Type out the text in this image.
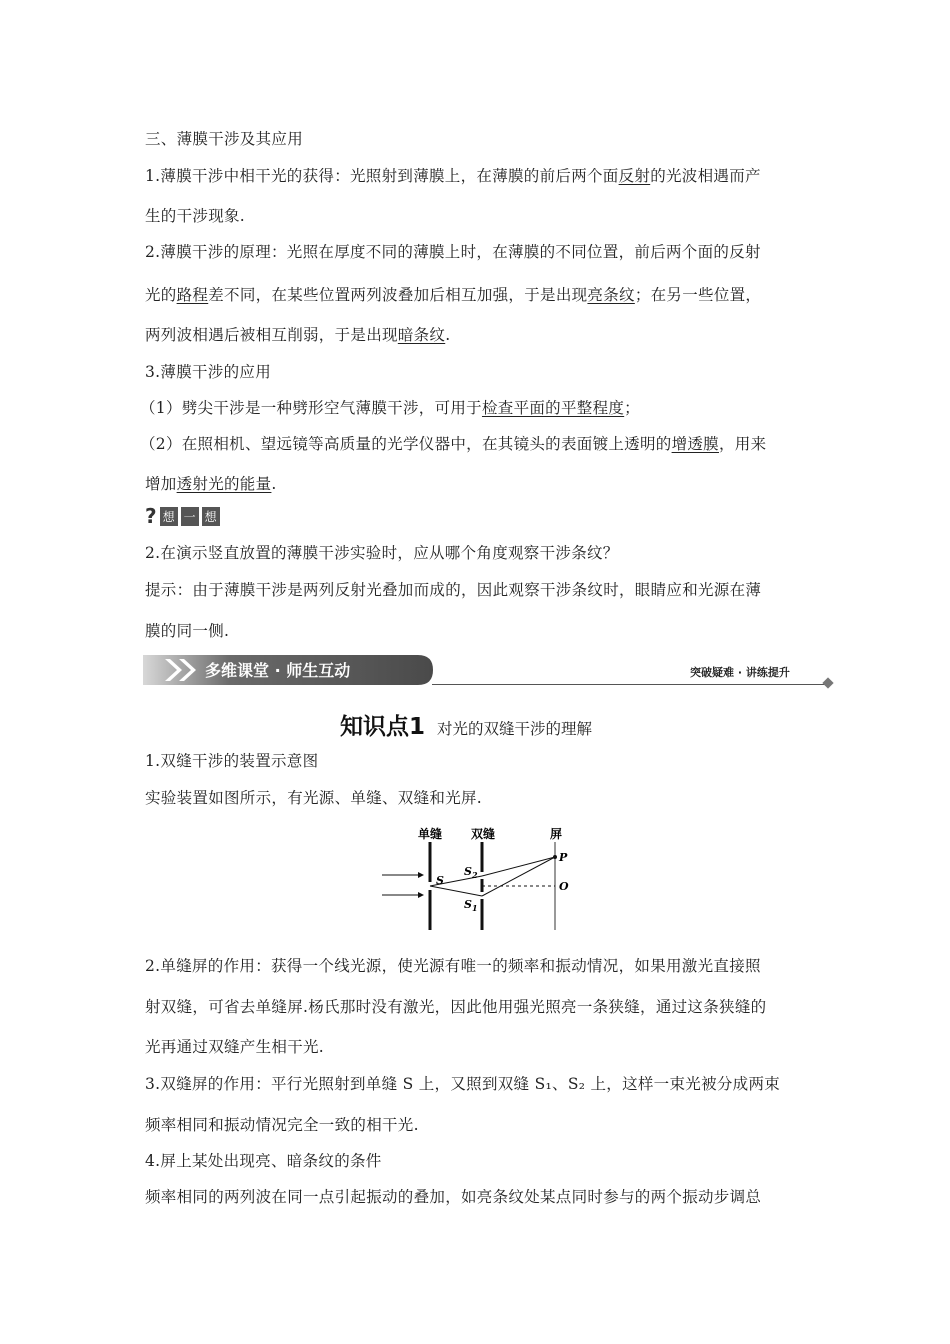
三、薄膜干涉及其应用
1.薄膜干涉中相干光的获得：光照射到薄膜上，在薄膜的前后两个面反射的光波相遇而产
生的干涉现象.
2.薄膜干涉的原理：光照在厚度不同的薄膜上时，在薄膜的不同位置，前后两个面的反射
光的路程差不同，在某些位置两列波叠加后相互加强，于是出现亮条纹；在另一些位置，
两列波相遇后被相互削弱，于是出现暗条纹.
3.薄膜干涉的应用
（1）劈尖干涉是一种劈形空气薄膜干涉，可用于检查平面的平整程度；
（2）在照相机、望远镜等高质量的光学仪器中，在其镜头的表面镀上透明的增透膜，用来
增加透射光的能量.
? 想 一 想
2.在演示竖直放置的薄膜干涉实验时，应从哪个角度观察干涉条纹？
提示：由于薄膜干涉是两列反射光叠加而成的，因此观察干涉条纹时，眼睛应和光源在薄
膜的同一侧.
多维课堂 · 师生互动	突破疑难 · 讲练提升
知识点1 对光的双缝干涉的理解
1.双缝干涉的装置示意图
实验装置如图所示，有光源、单缝、双缝和光屏.
单缝 双缝	屏
P
O
S
$S_2$
$S_1$
2.单缝屏的作用：获得一个线光源，使光源有唯一的频率和振动情况，如果用激光直接照
射双缝，可省去单缝屏.杨氏那时没有激光，因此他用强光照亮一条狭缝，通过这条狭缝的
光再通过双缝产生相干光.
3.双缝屏的作用：平行光照射到单缝 S 上，又照到双缝 S₁、S₂ 上，这样一束光被分成两束
频率相同和振动情况完全一致的相干光.
4.屏上某处出现亮、暗条纹的条件
频率相同的两列波在同一点引起振动的叠加，如亮条纹处某点同时参与的两个振动步调总
